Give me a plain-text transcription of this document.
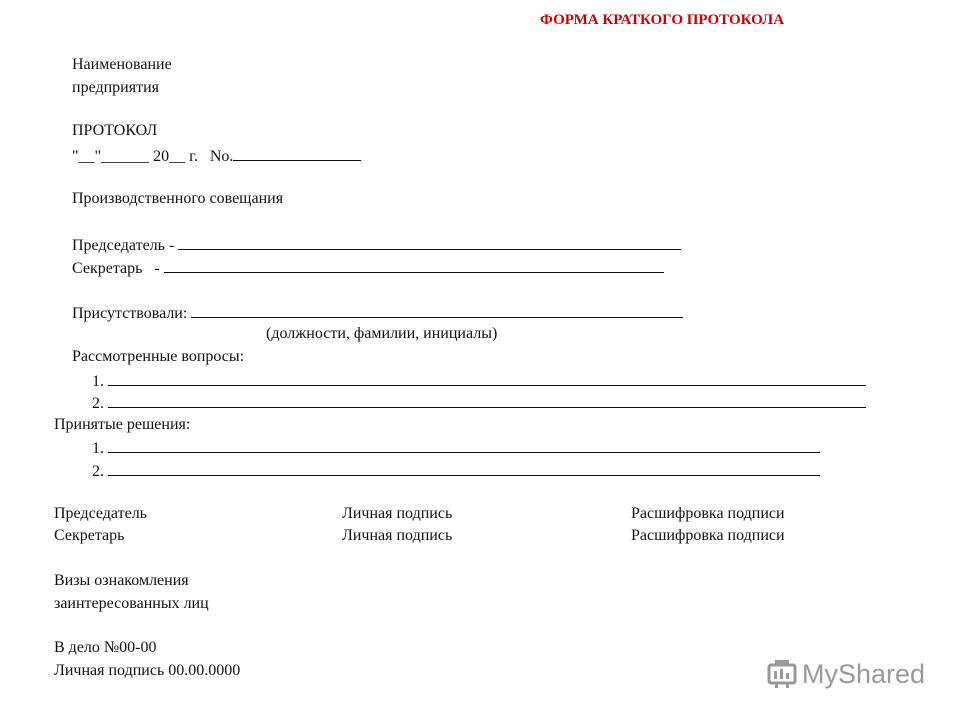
ФОРМА КРАТКОГО ПРОТОКОЛА
Наименование
предприятия
ПРОТОКОЛ
"__"______ 20__ г. No.
Производственного совещания
Председатель -
Секретарь   -
Присутствовали:
(должности, фамилии, инициалы)
Рассмотренные вопросы:
1.
2.
Принятые решения:
1.
2.
Председатель	Личная подпись	Расшифровка подписи
Секретарь	Личная подпись	Расшифровка подписи
Визы ознакомления
заинтересованных лиц
В дело №00-00
Личная подпись 00.00.0000	MyShared
